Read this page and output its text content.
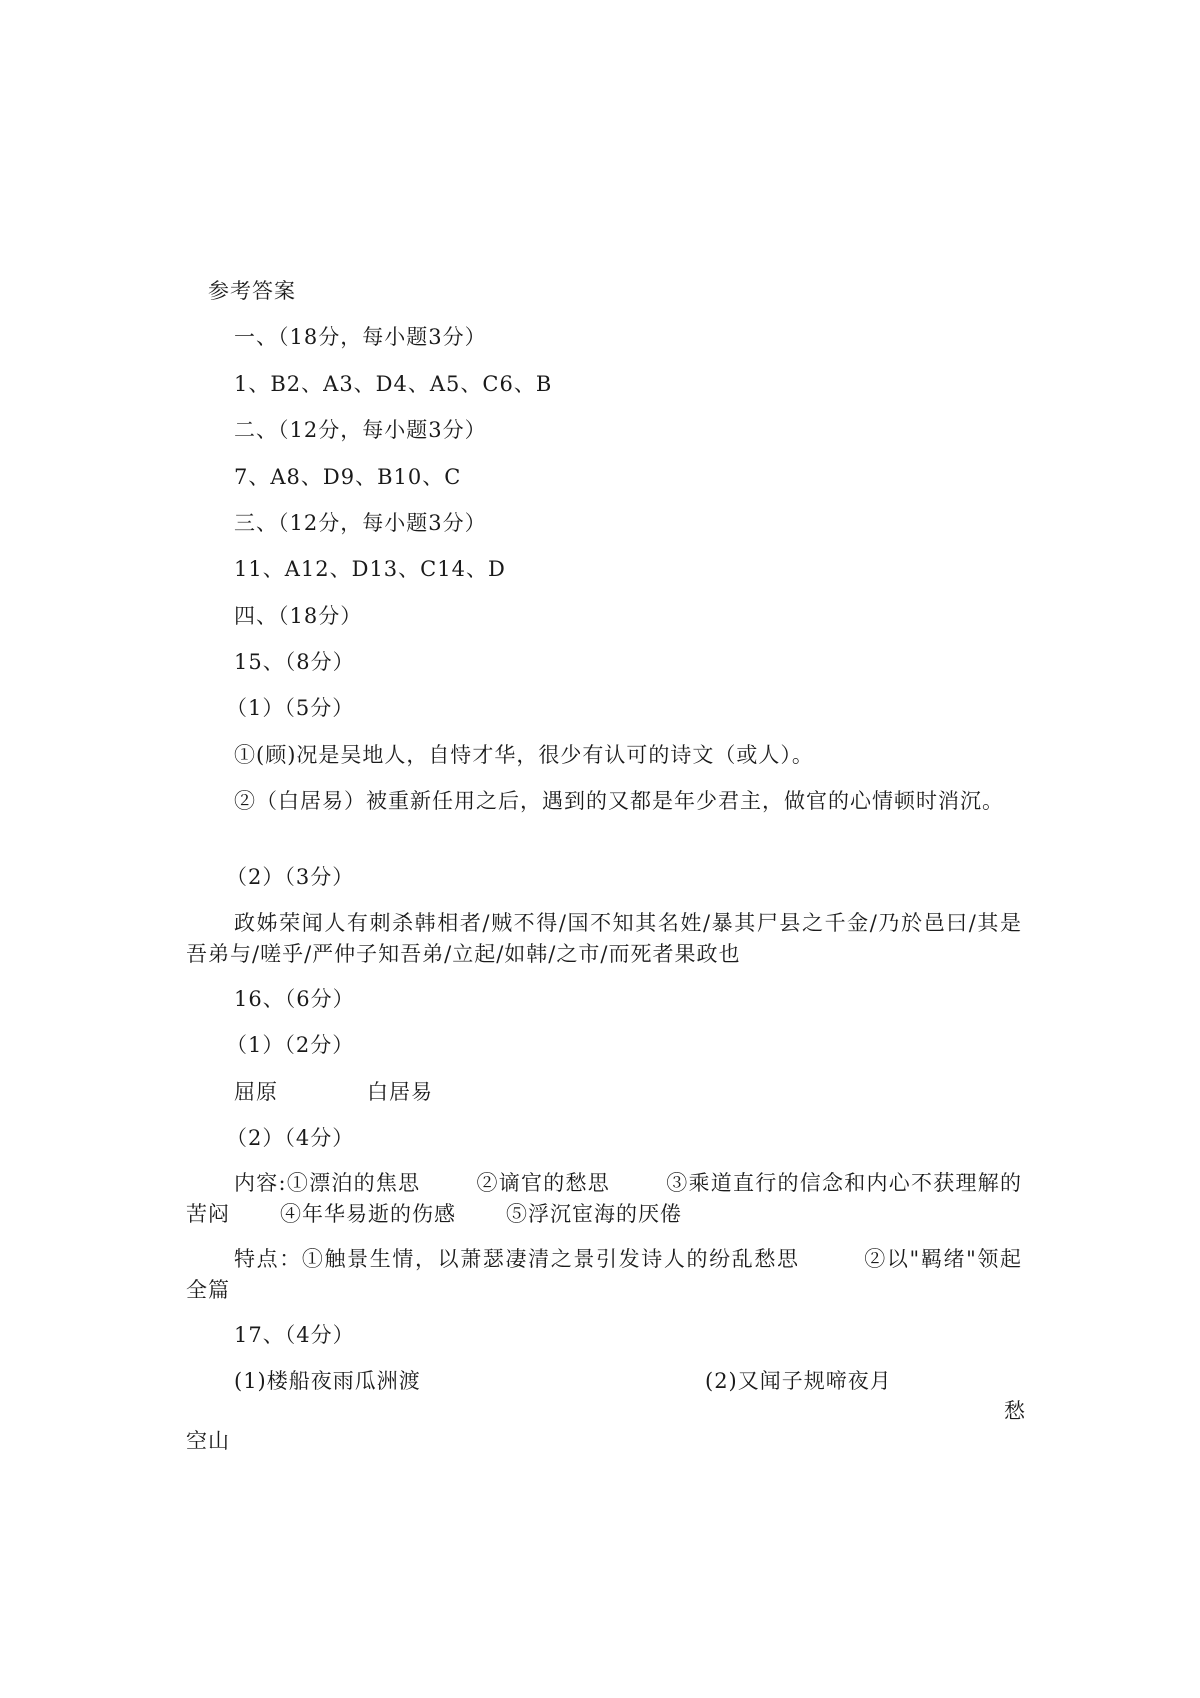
参考答案
一、（18分，每小题3分）
1、B2、A3、D4、A5、C6、B
二、（12分，每小题3分）
7、A8、D9、B10、C
三、（12分，每小题3分）
11、A12、D13、C14、D
四、（18分）
15、（8分）
（1）（5分）
①(顾)况是吴地人，自恃才华，很少有认可的诗文（或人）。
②（白居易）被重新任用之后，遇到的又都是年少君主，做官的心情顿时消沉。
（2）（3分）
政姊荣闻人有刺杀韩相者/贼不得/国不知其名姓/暴其尸县之千金/乃於邑曰/其是吾弟与/嗟乎/严仲子知吾弟/立起/如韩/之市/而死者果政也
16、（6分）
（1）（2分）
屈原	白居易
（2）（4分）
内容:①漂泊的焦思	②谪官的愁思	③乘道直行的信念和内心不获理解的苦闷 ④年华易逝的伤感 ⑤浮沉宦海的厌倦
特点：①触景生情，以萧瑟凄清之景引发诗人的纷乱愁思	②以"羁绪"领起全篇
17、（4分）
(1)楼船夜雨瓜洲渡	(2)又闻子规啼夜月
愁空山
